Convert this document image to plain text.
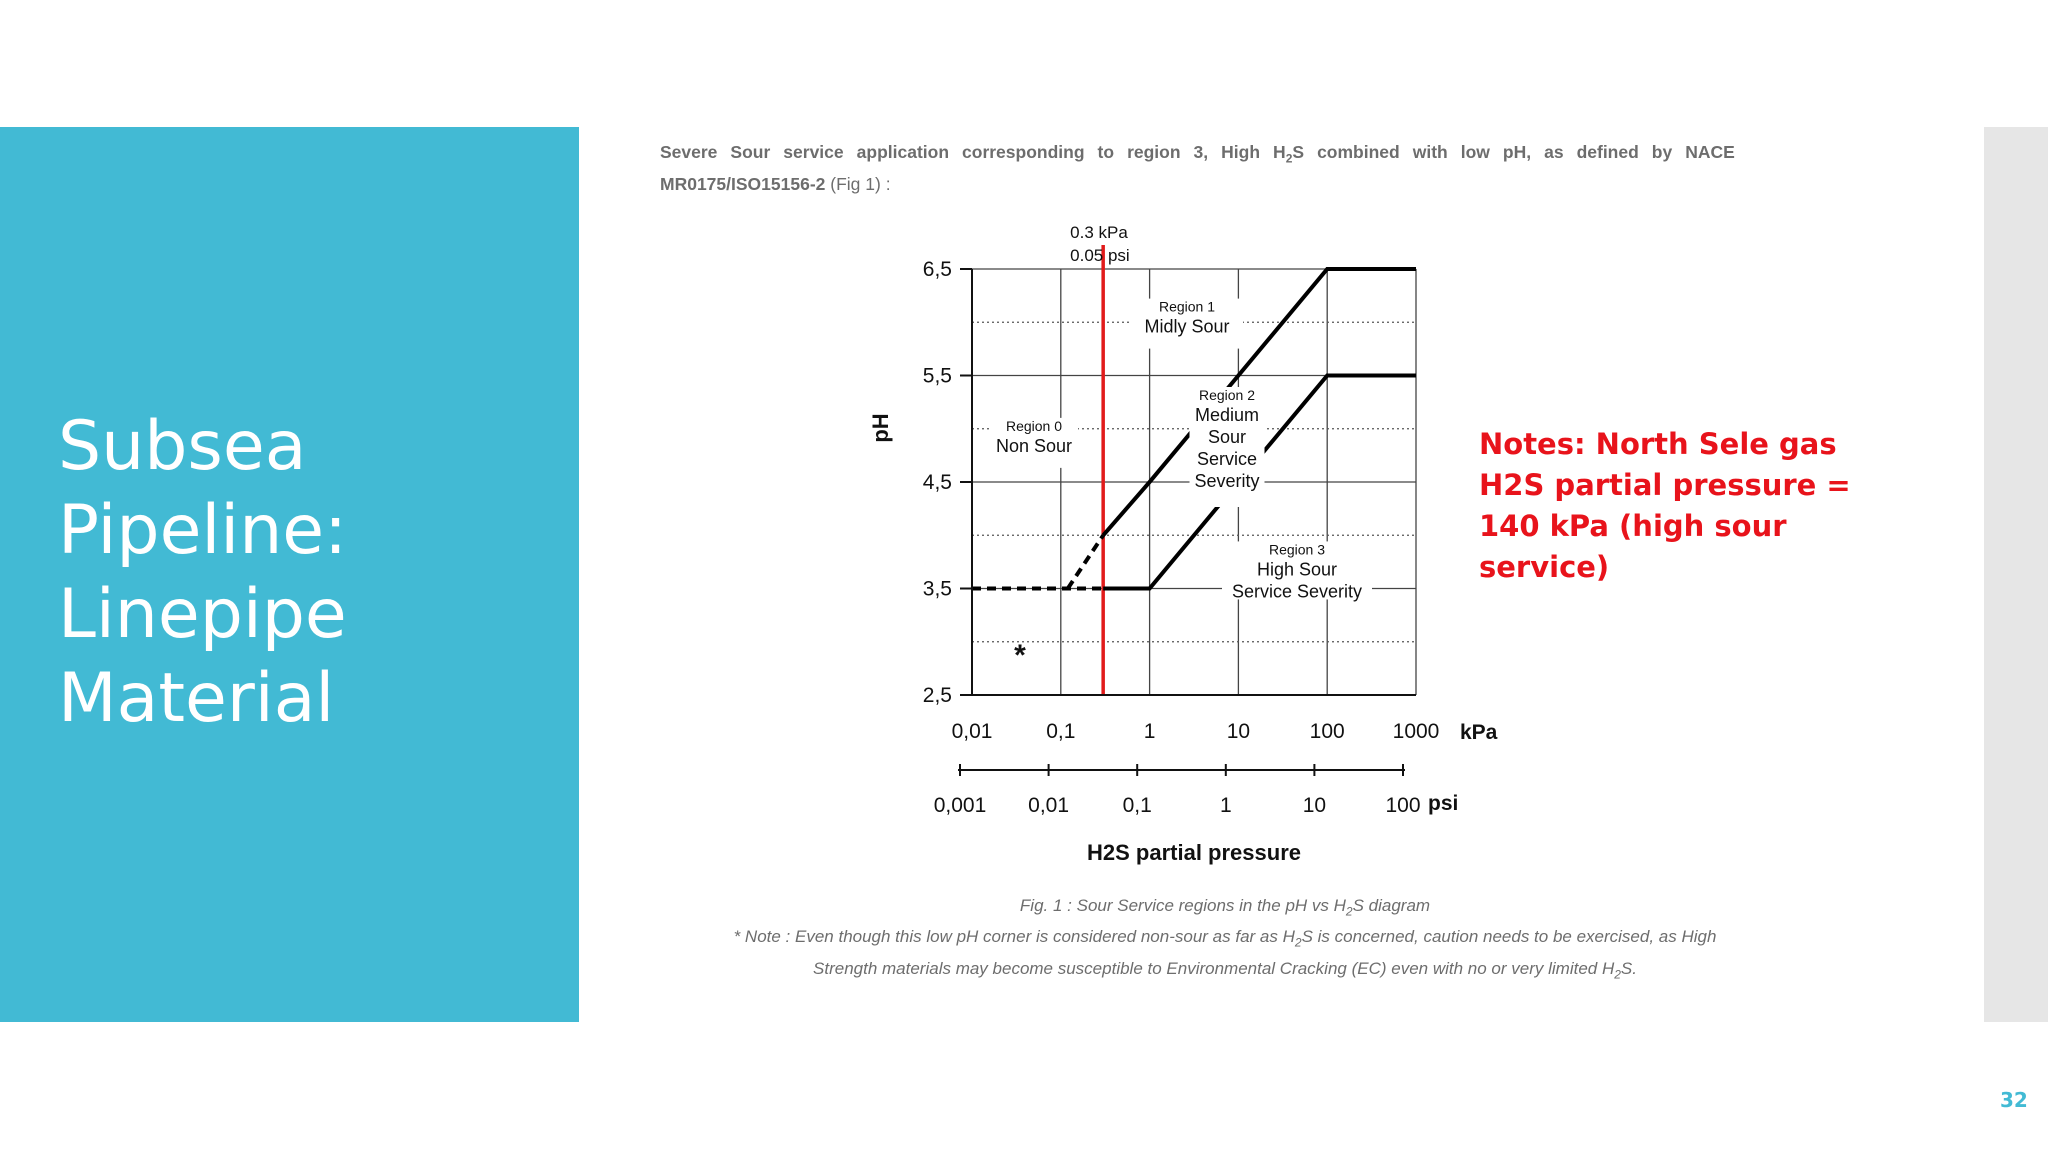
Subsea
Pipeline:
Linepipe
Material
32
Severe Sour service application corresponding to region 3, High $H_2S$ combined with low pH, as defined by NACE
MR0175/ISO15156-2 (Fig 1) :
0.3 kPa
0.05 psi
6,5
5,5
4,5
3,5
2,5
pH
0,01	0,1	1	10	100 1000 kPa
0,001 0,01	0,1	1	10	100 psi
H2S partial pressure
Region 0
Non Sour
Region 1
Midly Sour
Region 2
Medium
Sour
Service
Severity
Region 3
High Sour
Service Severity
*
Notes: North Sele gas
H2S partial pressure =
140 kPa (high sour
service)
Fig. 1 : Sour Service regions in the pH vs $H_2S$ diagram
* Note : Even though this low pH corner is considered non-sour as far as $H_2S$ is concerned, caution needs to be exercised, as High
Strength materials may become susceptible to Environmental Cracking (EC) even with no or very limited $H_2S$.
